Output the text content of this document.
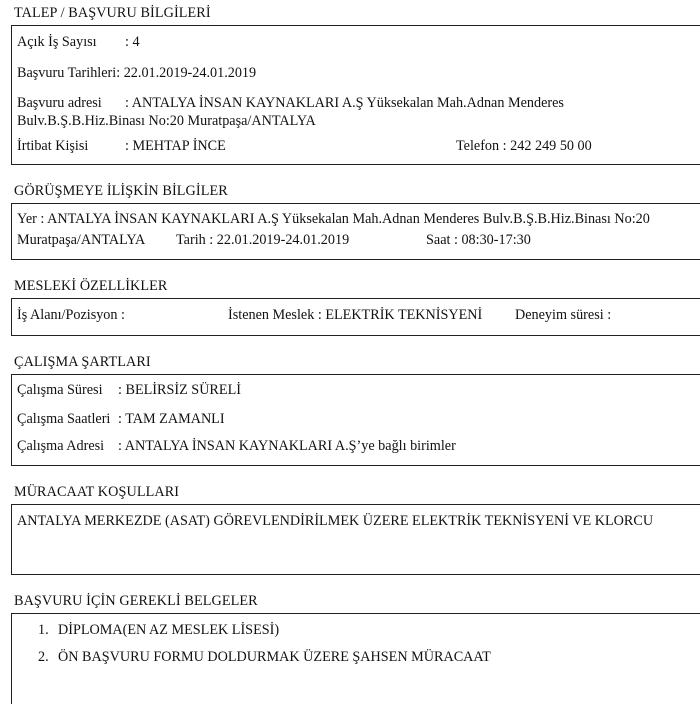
TALEP / BAŞVURU BİLGİLERİ
Açık İş Sayısı : 4
Başvuru Tarihleri: 22.01.2019-24.01.2019
Başvuru adresi : ANTALYA İNSAN KAYNAKLARI A.Ş Yüksekalan Mah.Adnan Menderes
Bulv.B.Ş.B.Hiz.Binası No:20 Muratpaşa/ANTALYA
İrtibat Kişisi	: MEHTAP İNCE	Telefon : 242 249 50 00
GÖRÜŞMEYE İLİŞKİN BİLGİLER
Yer : ANTALYA İNSAN KAYNAKLARI A.Ş Yüksekalan Mah.Adnan Menderes Bulv.B.Ş.B.Hiz.Binası No:20
Muratpaşa/ANTALYA Tarih : 22.01.2019-24.01.2019	Saat : 08:30-17:30
MESLEKİ ÖZELLİKLER
İş Alanı/Pozisyon :	İstenen Meslek : ELEKTRİK TEKNİSYENİ Deneyim süresi :
ÇALIŞMA ŞARTLARI
Çalışma Süresi : BELİRSİZ SÜRELİ
Çalışma Saatleri : TAM ZAMANLI
Çalışma Adresi : ANTALYA İNSAN KAYNAKLARI A.Ş’ye bağlı birimler
MÜRACAAT KOŞULLARI
ANTALYA MERKEZDE (ASAT) GÖREVLENDİRİLMEK ÜZERE ELEKTRİK TEKNİSYENİ VE KLORCU
BAŞVURU İÇİN GEREKLİ BELGELER
1. DİPLOMA(EN AZ MESLEK LİSESİ)
2. ÖN BAŞVURU FORMU DOLDURMAK ÜZERE ŞAHSEN MÜRACAAT
